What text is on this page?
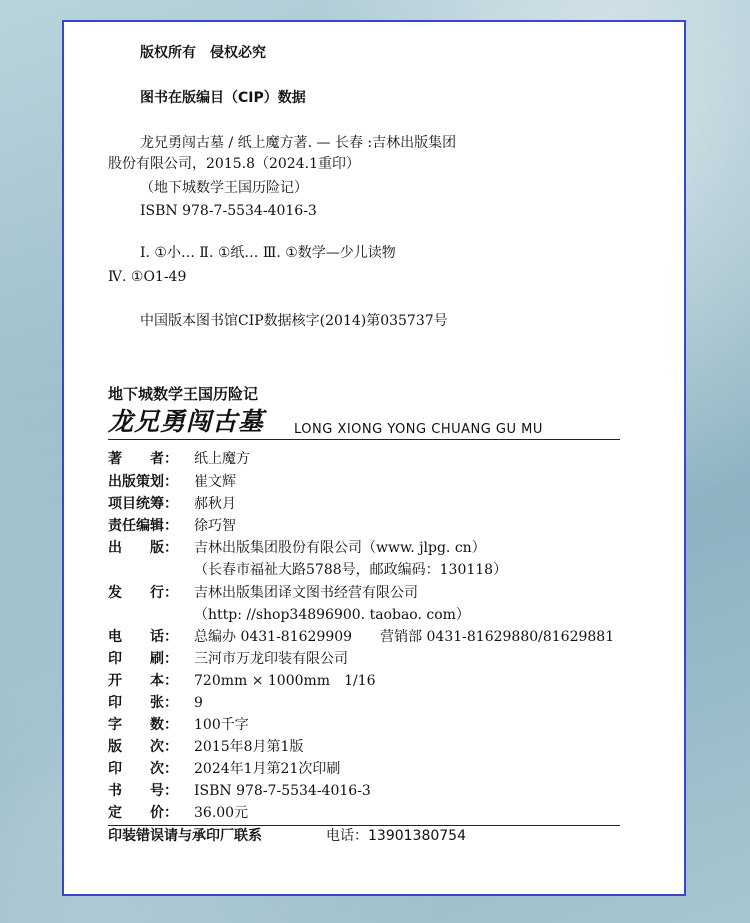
版权所有　侵权必究
图书在版编目（CIP）数据
龙兄勇闯古墓 / 纸上魔方著. — 长春 :吉林出版集团
股份有限公司，2015.8（2024.1重印）
（地下城数学王国历险记）
ISBN 978-7-5534-4016-3
Ⅰ. ①小… Ⅱ. ①纸… Ⅲ. ①数学—少儿读物
Ⅳ. ①O1-49
中国版本图书馆CIP数据核字(2014)第035737号
地下城数学王国历险记
龙兄勇闯古墓 LONG XIONG YONG CHUANG GU MU
著　　者： 纸上魔方
出版策划： 崔文辉
项目统筹： 郝秋月
责任编辑： 徐巧智
出　　版： 吉林出版集团股份有限公司（www. jlpg. cn）
（长春市福祉大路5788号，邮政编码：130118）
发　　行： 吉林出版集团译文图书经营有限公司
（http: //shop34896900. taobao. com）
电　　话： 总编办 0431-81629909　　营销部 0431-81629880/81629881
印　　刷： 三河市万龙印装有限公司
开　　本： 720mm × 1000mm　1/16
印　　张： 9
字　　数： 100千字
版　　次： 2015年8月第1版
印　　次： 2024年1月第21次印刷
书　　号： ISBN 978-7-5534-4016-3
定　　价： 36.00元
印装错误请与承印厂联系	电话：13901380754
